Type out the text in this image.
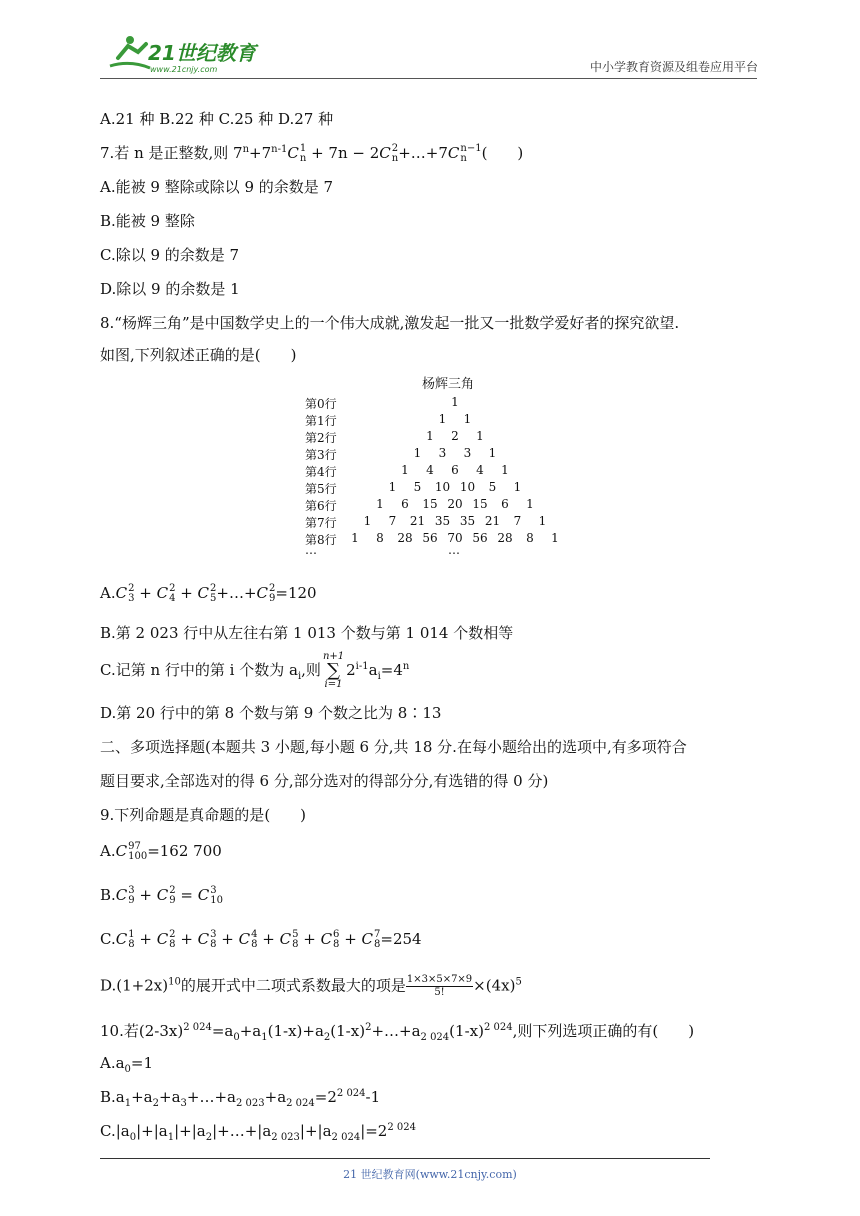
21世纪教育
www.21cnjy.com	中小学教育资源及组卷应用平台
A.21 种 B.22 种 C.25 种 D.27 种
7.若 n 是正整数,则 $7^n+7^{n-1}C$ 1
n + 7n − 2C 2
n +…+7C n−1
n (　　)
A.能被 9 整除或除以 9 的余数是 7
B.能被 9 整除
C.除以 9 的余数是 7
D.除以 9 的余数是 1
8.“杨辉三角”是中国数学史上的一个伟大成就,激发起一批又一批数学爱好者的探究欲望.
如图,下列叙述正确的是(　　)
A.C 2
3 + C 2
4 + C 2
5 +…+C 2
9 =120
B.第 2 023 行中从左往右第 1 013 个数与第 1 014 个数相等
C.记第 n 行中的第 i 个数为 $a_i$,则
n+1
∑
i=1
$2^{i-1}a_i=4^n$
D.第 20 行中的第 8 个数与第 9 个数之比为 8∶13
二、多项选择题(本题共 3 小题,每小题 6 分,共 18 分.在每小题给出的选项中,有多项符合
题目要求,全部选对的得 6 分,部分选对的得部分分,有选错的得 0 分)
9.下列命题是真命题的是(　　)
A.C 97
100 =162 700
B.C 3
9 + C 2
9 = C 3
10
C.C 1
8 + C 2
8 + C 3
8 + C 4
8 + C 5
8 + C 6
8 + C 7
8 =254
$D.(1+2x)^{10}$的展开式中二项式系数最大的项是 $\frac{1\times 3\times 5\times 7\times 9}{5!} \times(4x)^5$
10.若$(2-3x)^{2 024}=a_0+a_1(1-x)+a_2(1-x)^2+\dots+a_{2 024}(1-x)^{2 024}$,则下列选项正确的有(　　)
$A.a_0=1$
$B.a_1+a_2+a_3+\dots+a_{2 023}+a_{2 024}=2^{2 024}-1$
$C.|a_0|+|a_1|+|a_2|+\dots+|a_{2 023}|+|a_{2 024}|=2^{2 024}$
杨辉三角
…	…
第0行	1
第1行	1 1
第2行	1 2 1
第3行	1 3 3 1
第4行	1 4 6 4 1
第5行	1 5 10 10 5 1
第6行	1 6 15 20 15 6 1
第7行	1 7 21 35 35 21 7 1
第8行	1 8 28 56 70 56 28 8 1
21 世纪教育网(www.21cnjy.com)
